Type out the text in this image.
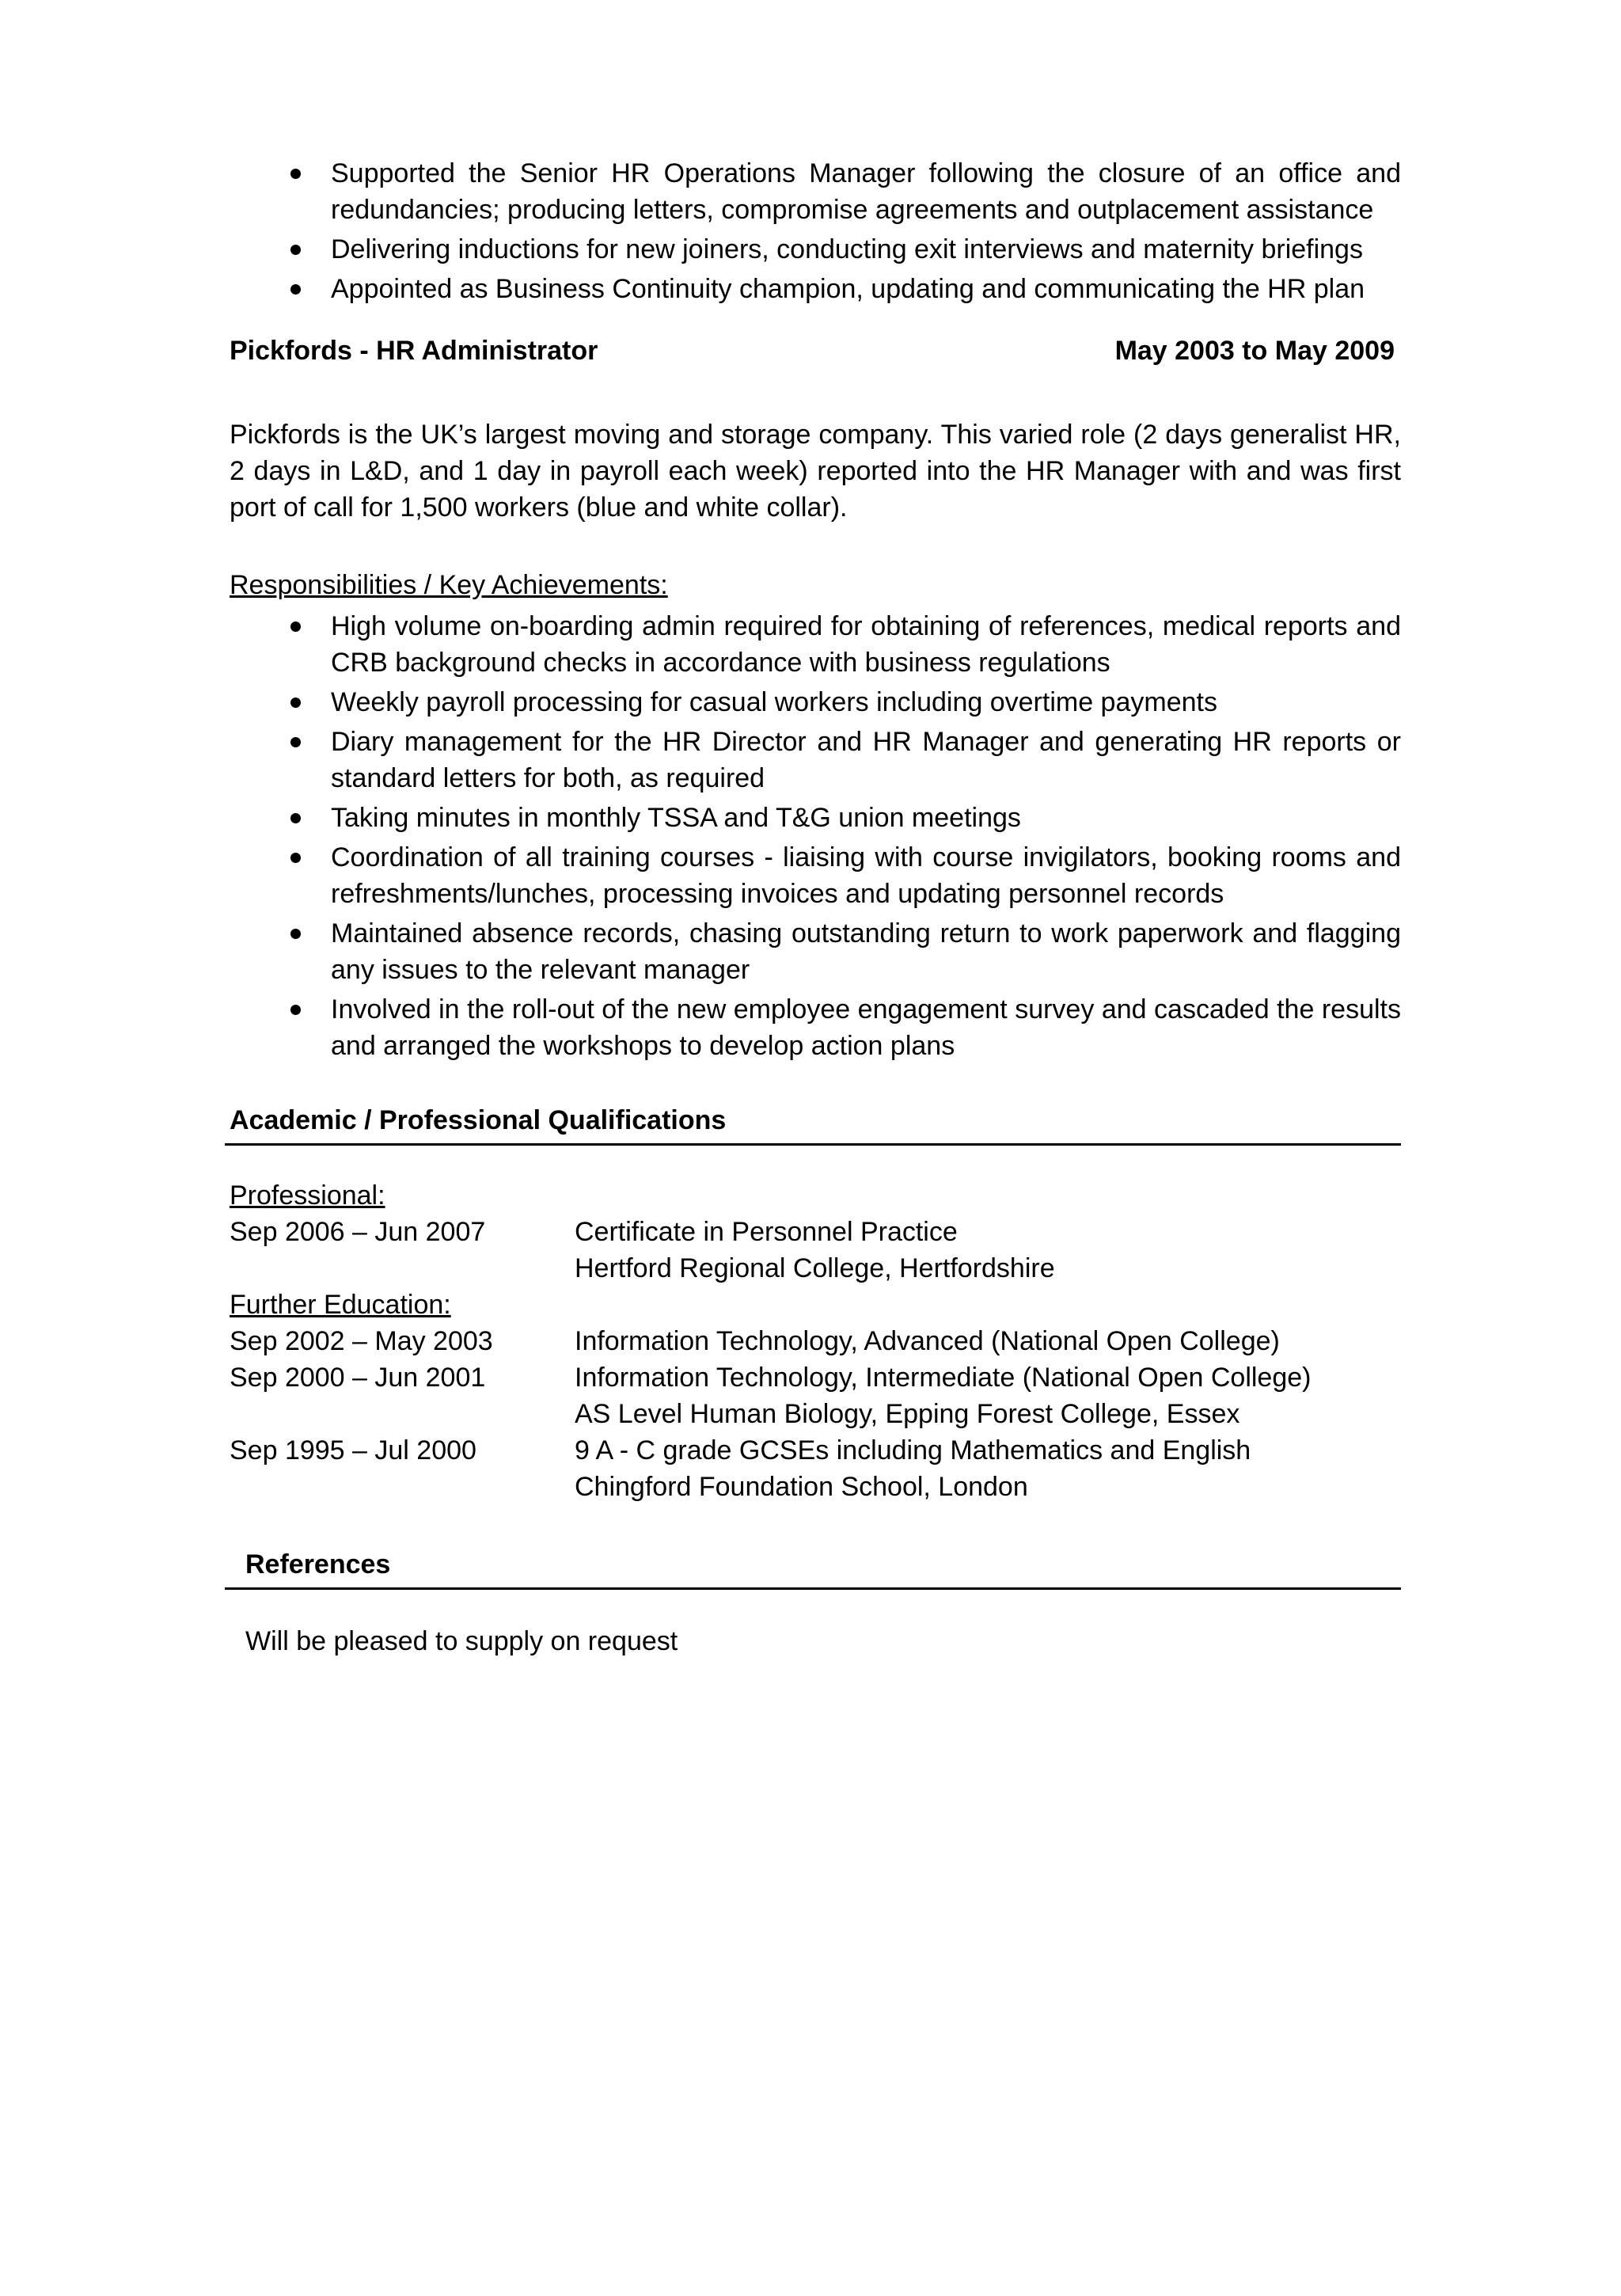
Supported the Senior HR Operations Manager following the closure of an office and redundancies; producing letters, compromise agreements and outplacement assistance
Delivering inductions for new joiners, conducting exit interviews and maternity briefings
Appointed as Business Continuity champion, updating and communicating the HR plan
Pickfords - HR Administrator	May 2003 to May 2009
Pickfords is the UK’s largest moving and storage company. This varied role (2 days generalist HR, 2 days in L&D, and 1 day in payroll each week) reported into the HR Manager with and was first port of call for 1,500 workers (blue and white collar).
Responsibilities / Key Achievements:
High volume on-boarding admin required for obtaining of references, medical reports and CRB background checks in accordance with business regulations
Weekly payroll processing for casual workers including overtime payments
Diary management for the HR Director and HR Manager and generating HR reports or standard letters for both, as required
Taking minutes in monthly TSSA and T&G union meetings
Coordination of all training courses - liaising with course invigilators, booking rooms and refreshments/lunches, processing invoices and updating personnel records
Maintained absence records, chasing outstanding return to work paperwork and flagging any issues to the relevant manager
Involved in the roll-out of the new employee engagement survey and cascaded the results and arranged the workshops to develop action plans
Academic / Professional Qualifications
Professional:
Sep 2006 – Jun 2007	Certificate in Personnel Practice
Hertford Regional College, Hertfordshire
Further Education:
Sep 2002 – May 2003	Information Technology, Advanced (National Open College)
Sep 2000 – Jun 2001	Information Technology, Intermediate (National Open College)
AS Level Human Biology, Epping Forest College, Essex
Sep 1995 – Jul 2000	9 A - C grade GCSEs including Mathematics and English
Chingford Foundation School, London
References
Will be pleased to supply on request
